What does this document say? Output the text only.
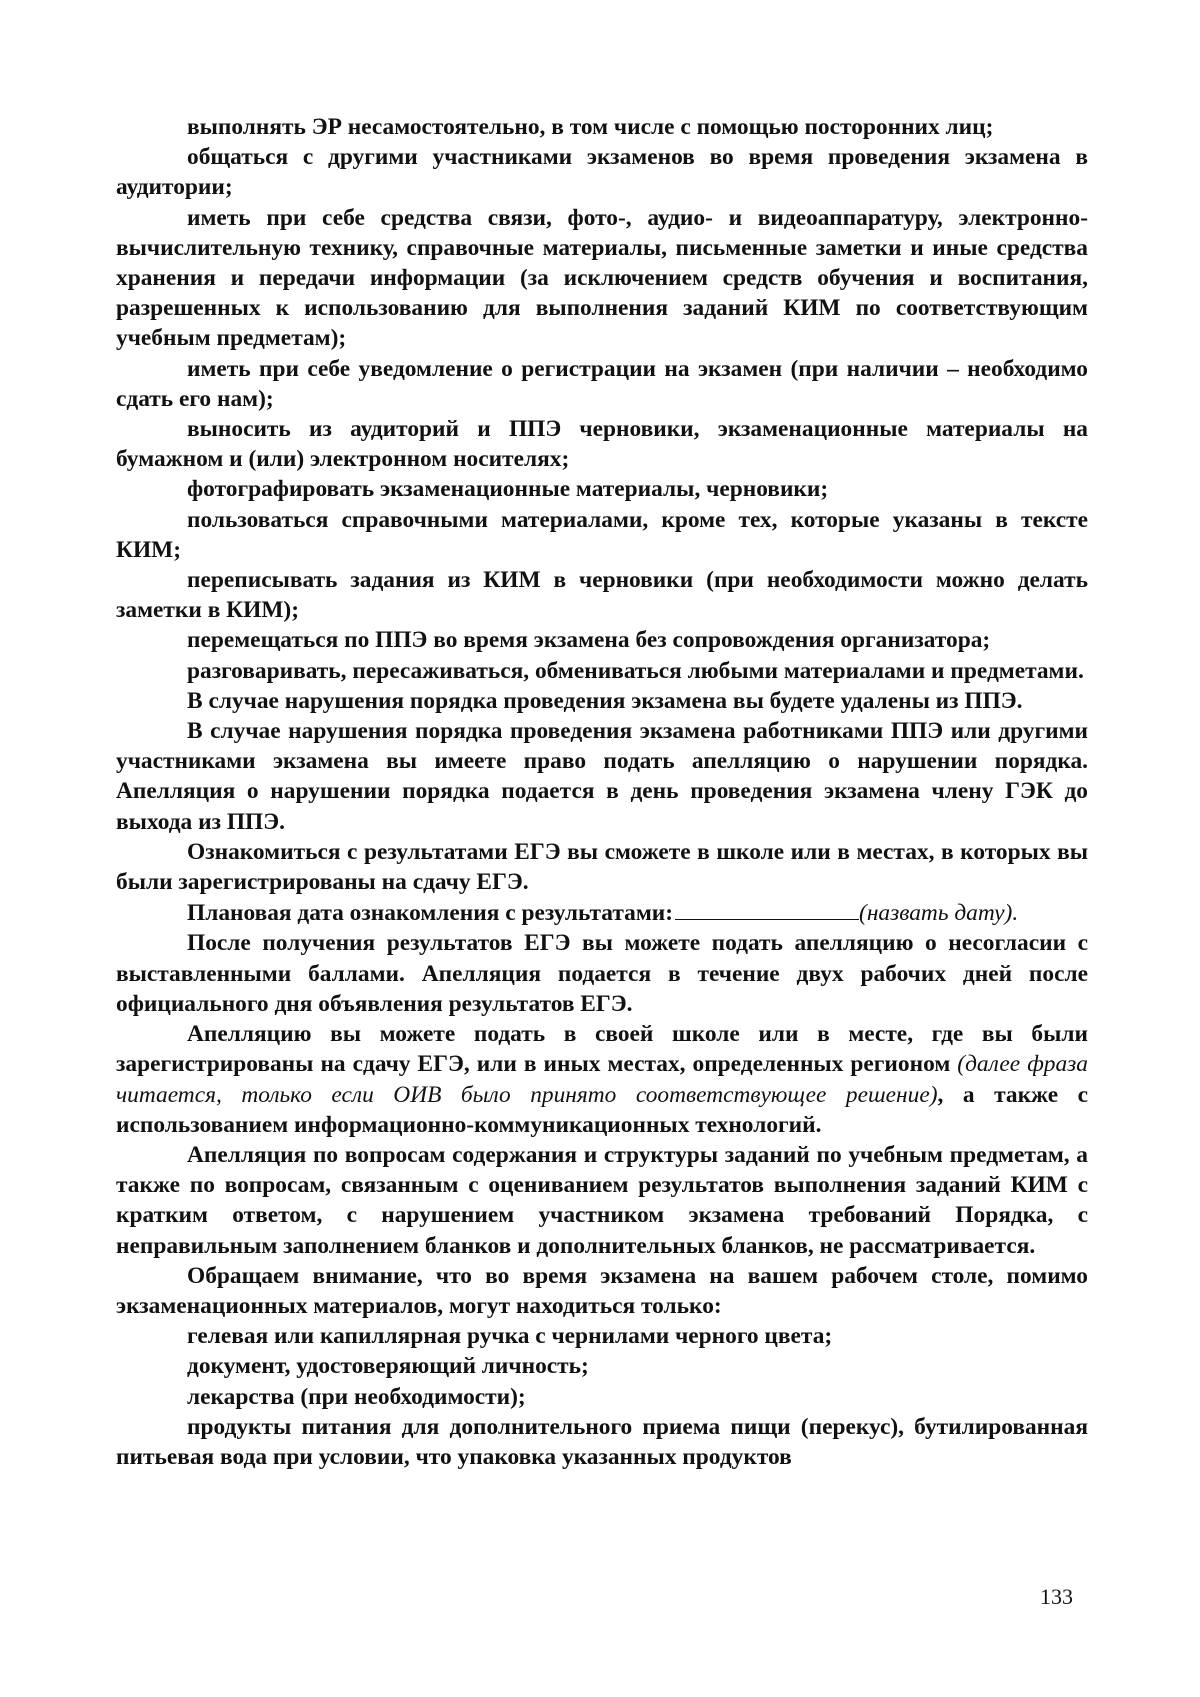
выполнять ЭР несамостоятельно, в том числе с помощью посторонних лиц;

общаться с другими участниками экзаменов во время проведения экзамена в аудитории;

иметь при себе средства связи, фото-, аудио- и видеоаппаратуру, электронно-вычислительную технику, справочные материалы, письменные заметки и иные средства хранения и передачи информации (за исключением средств обучения и воспитания, разрешенных к использованию для выполнения заданий КИМ по соответствующим учебным предметам);

иметь при себе уведомление о регистрации на экзамен (при наличии – необходимо сдать его нам);

выносить из аудиторий и ППЭ черновики, экзаменационные материалы на бумажном и (или) электронном носителях;

фотографировать экзаменационные материалы, черновики;

пользоваться справочными материалами, кроме тех, которые указаны в тексте КИМ;

переписывать задания из КИМ в черновики (при необходимости можно делать заметки в КИМ);

перемещаться по ППЭ во время экзамена без сопровождения организатора;

разговаривать, пересаживаться, обмениваться любыми материалами и предметами.

В случае нарушения порядка проведения экзамена вы будете удалены из ППЭ.

В случае нарушения порядка проведения экзамена работниками ППЭ или другими участниками экзамена вы имеете право подать апелляцию о нарушении порядка. Апелляция о нарушении порядка подается в день проведения экзамена члену ГЭК до выхода из ППЭ.

Ознакомиться с результатами ЕГЭ вы сможете в школе или в местах, в которых вы были зарегистрированы на сдачу ЕГЭ.

Плановая дата ознакомления с результатами:	(назвать дату).

После получения результатов ЕГЭ вы можете подать апелляцию о несогласии с выставленными баллами. Апелляция подается в течение двух рабочих дней после официального дня объявления результатов ЕГЭ.

Апелляцию вы можете подать в своей школе или в месте, где вы были зарегистрированы на сдачу ЕГЭ, или в иных местах, определенных регионом (далее фраза читается, только если ОИВ было принято соответствующее решение), а также с использованием информационно-коммуникационных технологий.

Апелляция по вопросам содержания и структуры заданий по учебным предметам, а также по вопросам, связанным с оцениванием результатов выполнения заданий КИМ с кратким ответом, с нарушением участником экзамена требований Порядка, с неправильным заполнением бланков и дополнительных бланков, не рассматривается.

Обращаем внимание, что во время экзамена на вашем рабочем столе, помимо экзаменационных материалов, могут находиться только:

гелевая или капиллярная ручка с чернилами черного цвета;

документ, удостоверяющий личность;

лекарства (при необходимости);

продукты питания для дополнительного приема пищи (перекус), бутилированная питьевая вода при условии, что упаковка указанных продуктов

133
